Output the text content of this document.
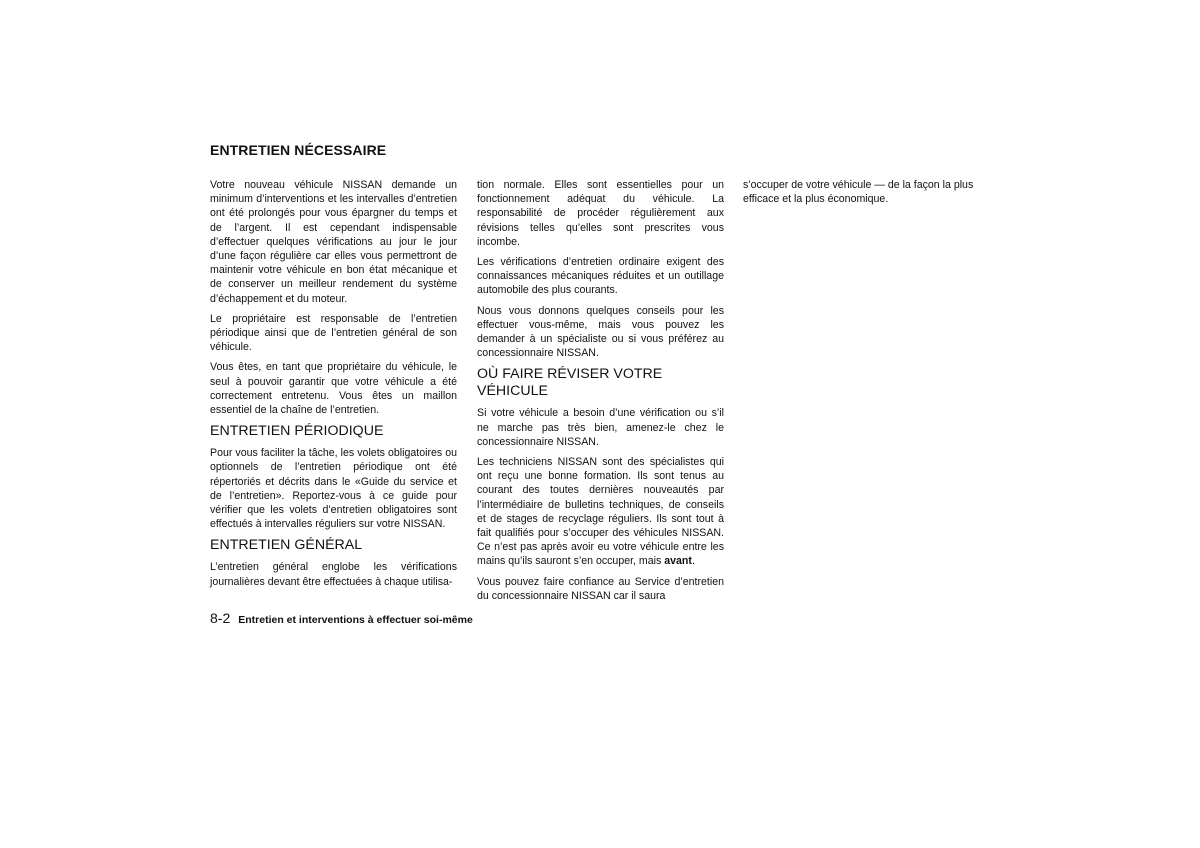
ENTRETIEN NÉCESSAIRE

Votre nouveau véhicule NISSAN demande un minimum d’interventions et les intervalles d’entretien ont été prolongés pour vous épargner du temps et de l’argent. Il est cependant indispensable d’effectuer quelques vérifications au jour le jour d’une façon régulière car elles vous permettront de maintenir votre véhicule en bon état mécanique et de conserver un meilleur rendement du système d’échappement et du moteur.

Le propriétaire est responsable de l’entretien périodique ainsi que de l’entretien général de son véhicule.

Vous êtes, en tant que propriétaire du véhicule, le seul à pouvoir garantir que votre véhicule a été correctement entretenu. Vous êtes un maillon essentiel de la chaîne de l’entretien.

ENTRETIEN PÉRIODIQUE

Pour vous faciliter la tâche, les volets obligatoires ou optionnels de l’entretien périodique ont été répertoriés et décrits dans le «Guide du service et de l’entretien». Reportez-vous à ce guide pour vérifier que les volets d’entretien obligatoires sont effectués à intervalles réguliers sur votre NISSAN.

ENTRETIEN GÉNÉRAL

L’entretien général englobe les vérifications journalières devant être effectuées à chaque utilisa-

tion normale. Elles sont essentielles pour un fonctionnement adéquat du véhicule. La responsabilité de procéder régulièrement aux révisions telles qu’elles sont prescrites vous incombe.

Les vérifications d’entretien ordinaire exigent des connaissances mécaniques réduites et un outillage automobile des plus courants.

Nous vous donnons quelques conseils pour les effectuer vous-même, mais vous pouvez les demander à un spécialiste ou si vous préférez au concessionnaire NISSAN.

OÙ FAIRE RÉVISER VOTRE VÉHICULE

Si votre véhicule a besoin d’une vérification ou s’il ne marche pas très bien, amenez-le chez le concessionnaire NISSAN.

Les techniciens NISSAN sont des spécialistes qui ont reçu une bonne formation. Ils sont tenus au courant des toutes dernières nouveautés par l’intermédiaire de bulletins techniques, de conseils et de stages de recyclage réguliers. Ils sont tout à fait qualifiés pour s’occuper des véhicules NISSAN. Ce n’est pas après avoir eu votre véhicule entre les mains qu’ils sauront s’en occuper, mais avant.

Vous pouvez faire confiance au Service d’entretien du concessionnaire NISSAN car il saura

s’occuper de votre véhicule — de la façon la plus efficace et la plus économique.

8-2 Entretien et interventions à effectuer soi-même
